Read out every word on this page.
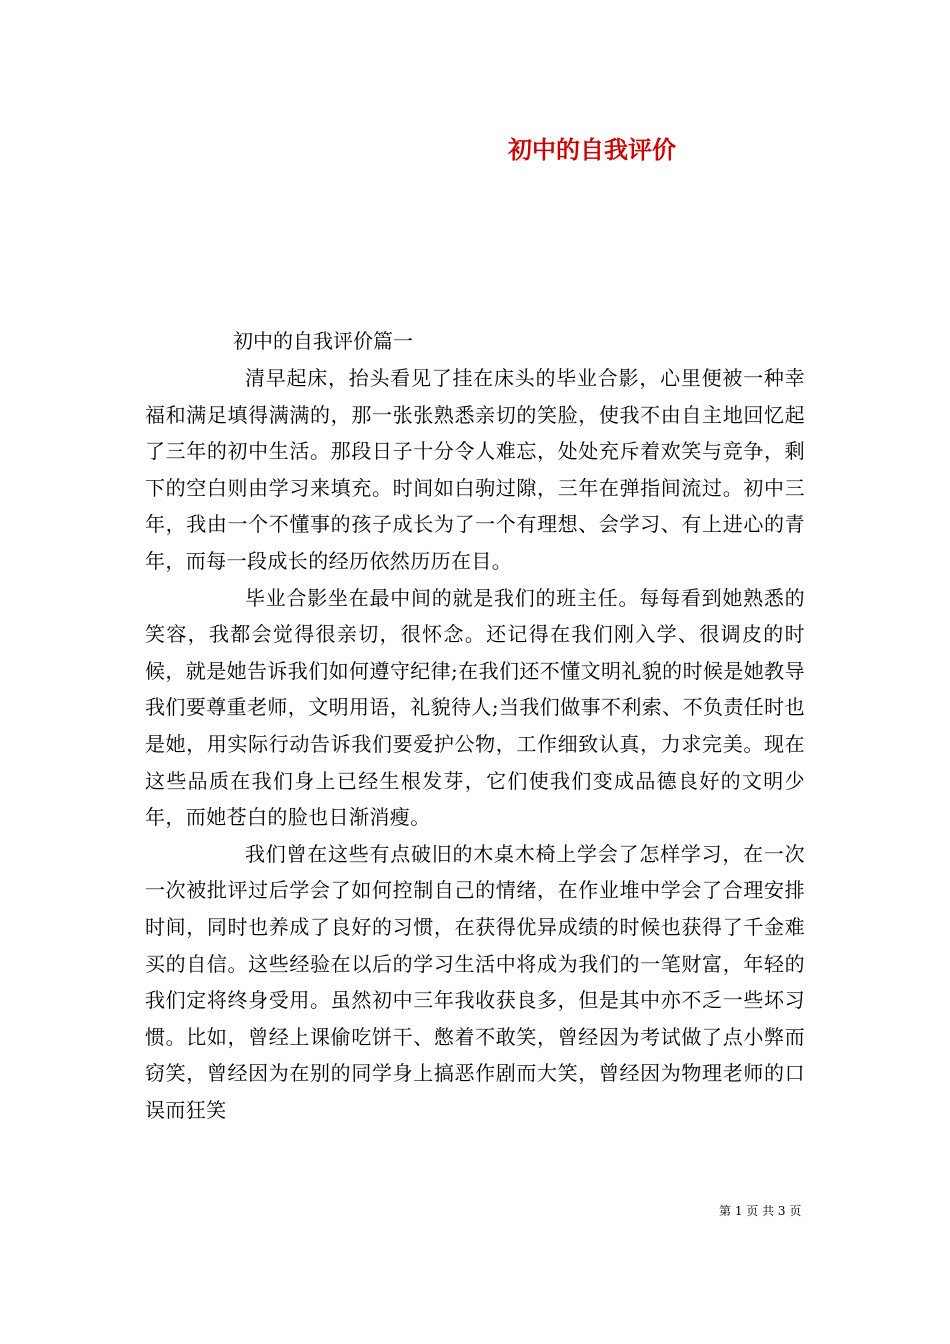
初中的自我评价
初中的自我评价篇一

清早起床，抬头看见了挂在床头的毕业合影，心里便被一种幸福和满足填得满满的，那一张张熟悉亲切的笑脸，使我不由自主地回忆起了三年的初中生活。那段日子十分令人难忘，处处充斥着欢笑与竞争，剩下的空白则由学习来填充。时间如白驹过隙，三年在弹指间流过。初中三年，我由一个不懂事的孩子成长为了一个有理想、会学习、有上进心的青年，而每一段成长的经历依然历历在目。

毕业合影坐在最中间的就是我们的班主任。每每看到她熟悉的笑容，我都会觉得很亲切，很怀念。还记得在我们刚入学、很调皮的时候，就是她告诉我们如何遵守纪律;在我们还不懂文明礼貌的时候是她教导我们要尊重老师，文明用语，礼貌待人;当我们做事不利索、不负责任时也是她，用实际行动告诉我们要爱护公物，工作细致认真，力求完美。现在这些品质在我们身上已经生根发芽，它们使我们变成品德良好的文明少年，而她苍白的脸也日渐消瘦。

我们曾在这些有点破旧的木桌木椅上学会了怎样学习，在一次一次被批评过后学会了如何控制自己的情绪，在作业堆中学会了合理安排时间，同时也养成了良好的习惯，在获得优异成绩的时候也获得了千金难买的自信。这些经验在以后的学习生活中将成为我们的一笔财富，年轻的我们定将终身受用。虽然初中三年我收获良多，但是其中亦不乏一些坏习惯。比如，曾经上课偷吃饼干、憋着不敢笑，曾经因为考试做了点小弊而窃笑，曾经因为在别的同学身上搞恶作剧而大笑，曾经因为物理老师的口误而狂笑

第 1 页 共 3 页
